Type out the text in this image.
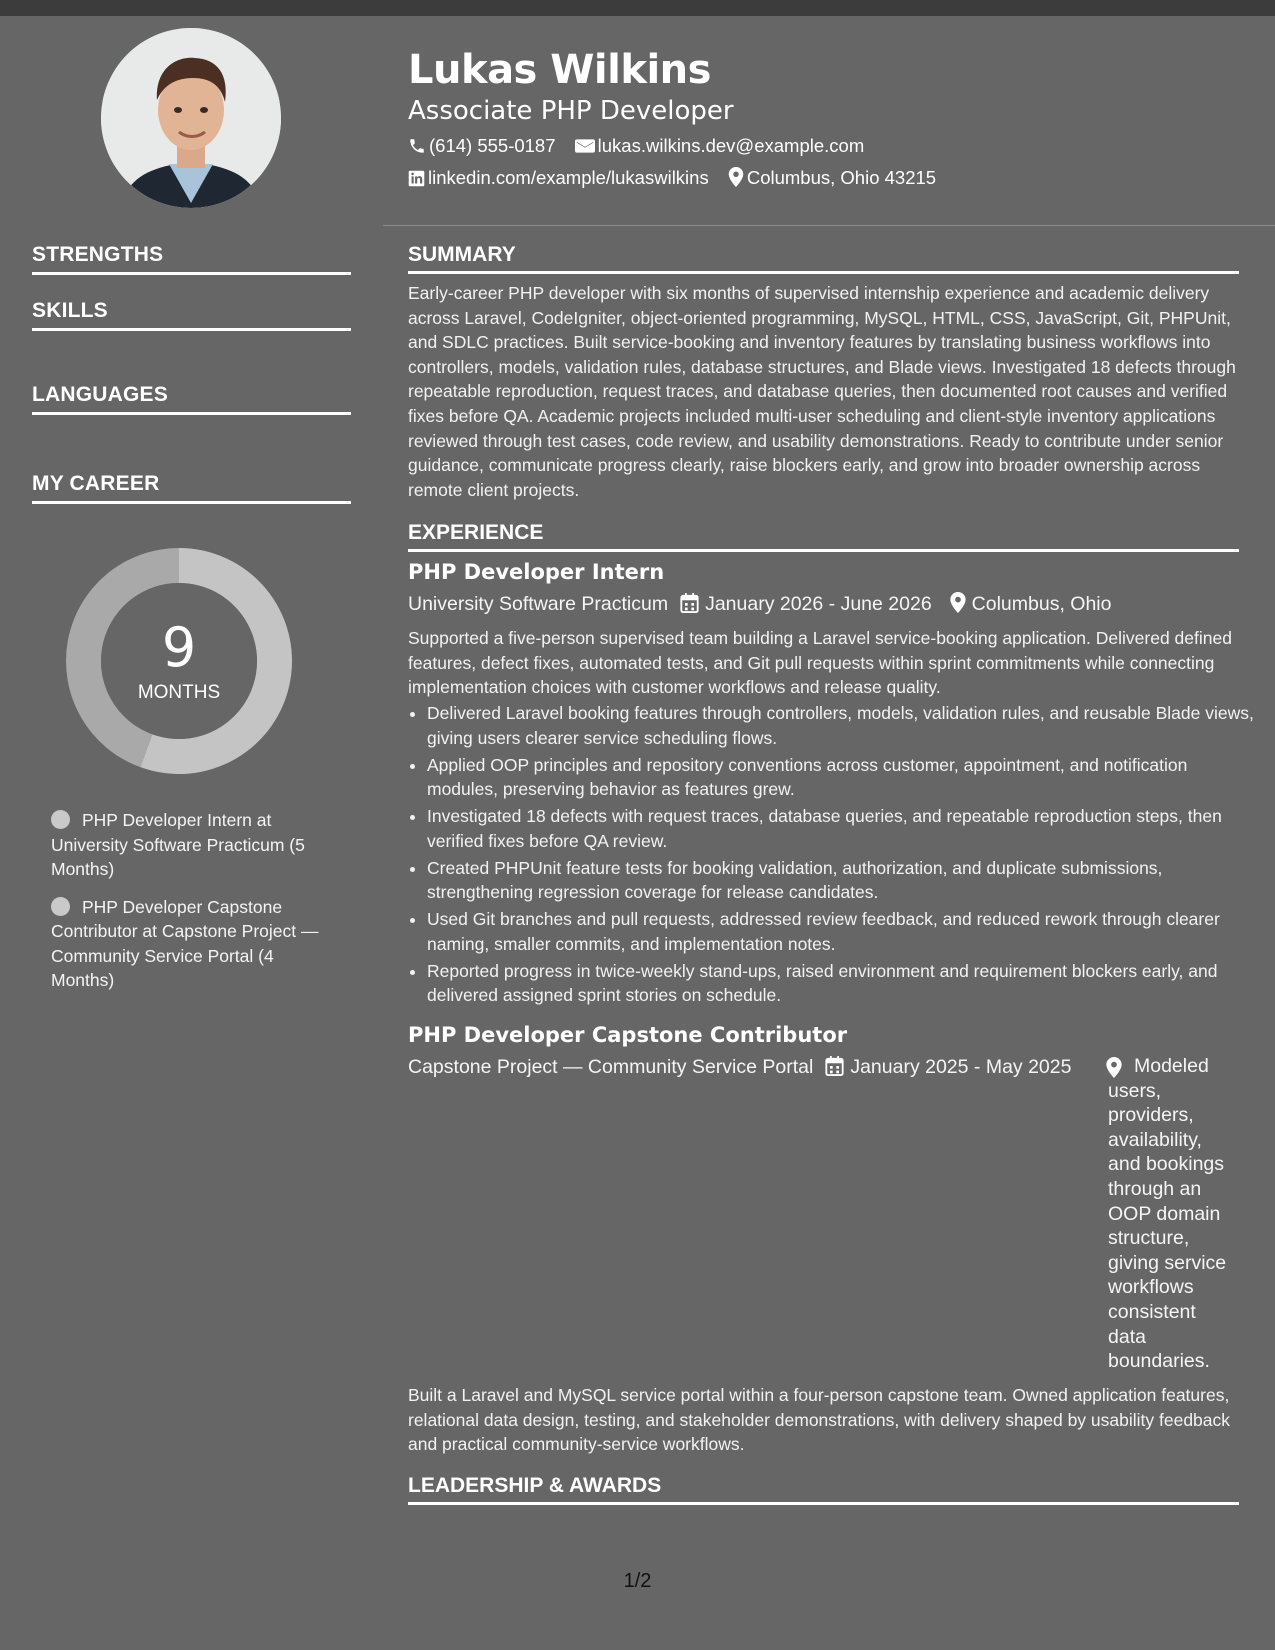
Lukas Wilkins
Associate PHP Developer
(614) 555-0187 lukas.wilkins.dev@example.com
linkedin.com/example/lukaswilkins Columbus, Ohio 43215
STRENGTHS
SKILLS
LANGUAGES
MY CAREER
9
MONTHS
PHP Developer Intern at University Software Practicum (5 Months)
PHP Developer Capstone Contributor at Capstone Project — Community Service Portal (4 Months)
SUMMARY
Early-career PHP developer with six months of supervised internship experience and academic delivery across Laravel, CodeIgniter, object-oriented programming, MySQL, HTML, CSS, JavaScript, Git, PHPUnit, and SDLC practices. Built service-booking and inventory features by translating business workflows into controllers, models, validation rules, database structures, and Blade views. Investigated 18 defects through repeatable reproduction, request traces, and database queries, then documented root causes and verified fixes before QA. Academic projects included multi-user scheduling and client-style inventory applications reviewed through test cases, code review, and usability demonstrations. Ready to contribute under senior guidance, communicate progress clearly, raise blockers early, and grow into broader ownership across remote client projects.
EXPERIENCE
PHP Developer Intern
University Software Practicum January 2026 - June 2026 Columbus, Ohio
Supported a five-person supervised team building a Laravel service-booking application. Delivered defined features, defect fixes, automated tests, and Git pull requests within sprint commitments while connecting implementation choices with customer workflows and release quality.
• Delivered Laravel booking features through controllers, models, validation rules, and reusable Blade views, giving users clearer service scheduling flows.
• Applied OOP principles and repository conventions across customer, appointment, and notification modules, preserving behavior as features grew.
• Investigated 18 defects with request traces, database queries, and repeatable reproduction steps, then verified fixes before QA review.
• Created PHPUnit feature tests for booking validation, authorization, and duplicate submissions, strengthening regression coverage for release candidates.
• Used Git branches and pull requests, addressed review feedback, and reduced rework through clearer naming, smaller commits, and implementation notes.
• Reported progress in twice-weekly stand-ups, raised environment and requirement blockers early, and delivered assigned sprint stories on schedule.
PHP Developer Capstone Contributor
Capstone Project — Community Service Portal January 2025 - May 2025	Modeled users, providers, availability, and bookings through an OOP domain structure, giving service workflows consistent data boundaries.
Built a Laravel and MySQL service portal within a four-person capstone team. Owned application features, relational data design, testing, and stakeholder demonstrations, with delivery shaped by usability feedback and practical community-service workflows.
LEADERSHIP & AWARDS
1/2
